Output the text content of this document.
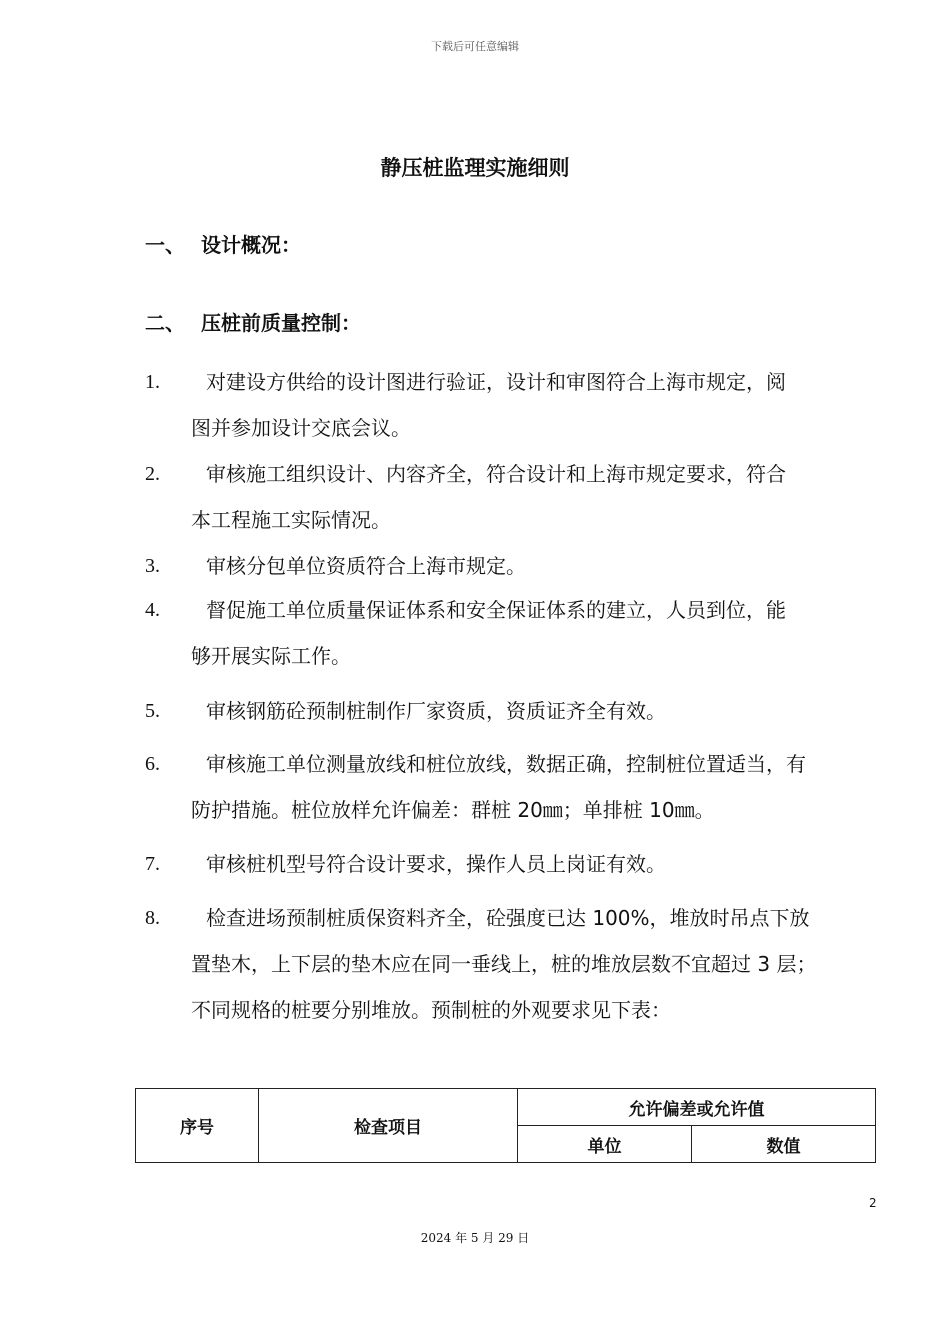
下载后可任意编辑
静压桩监理实施细则
一、 设计概况：
二、 压桩前质量控制：
1.	对建设方供给的设计图进行验证，设计和审图符合上海市规定，阅
图并参加设计交底会议。
2.	审核施工组织设计、内容齐全，符合设计和上海市规定要求，符合
本工程施工实际情况。
3.	审核分包单位资质符合上海市规定。
4.	督促施工单位质量保证体系和安全保证体系的建立，人员到位，能
够开展实际工作。
5.	审核钢筋砼预制桩制作厂家资质，资质证齐全有效。
6.	审核施工单位测量放线和桩位放线，数据正确，控制桩位置适当，有
防护措施。桩位放样允许偏差：群桩 20㎜；单排桩 10㎜。
7.	审核桩机型号符合设计要求，操作人员上岗证有效。
8.	检查进场预制桩质保资料齐全，砼强度已达 100%，堆放时吊点下放
置垫木，上下层的垫木应在同一垂线上，桩的堆放层数不宜超过 3 层；
不同规格的桩要分别堆放。预制桩的外观要求见下表：
序号	检查项目	允许偏差或允许值	
		单位	数值
2
2024 年 5 月 29 日
